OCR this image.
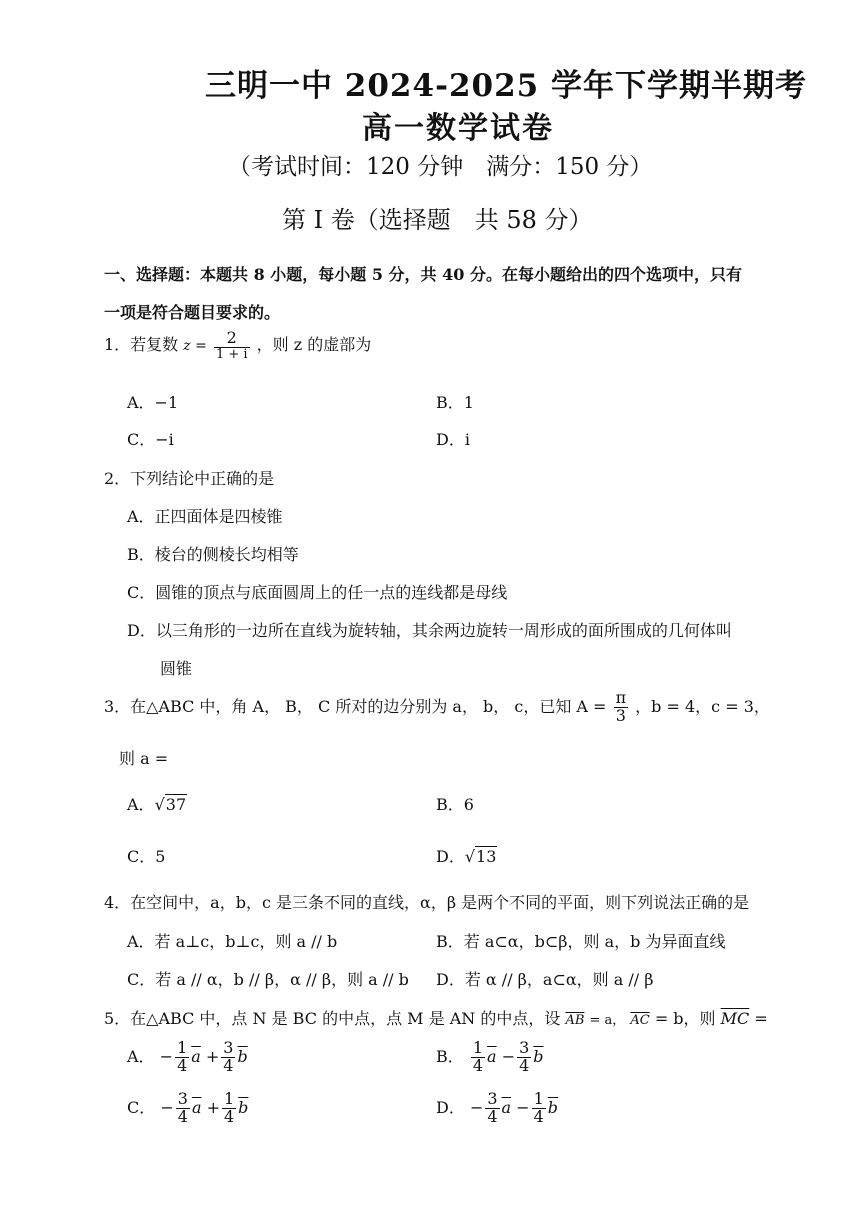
三明一中 2024-2025 学年下学期半期考
高一数学试卷
（考试时间：120 分钟　满分：150 分）
第 I 卷（选择题　共 58 分）
一、选择题：本题共 8 小题，每小题 5 分，共 40 分。在每小题给出的四个选项中，只有
一项是符合题目要求的。
1．若复数 $z = \frac{2}{1 + i}$ ，则 z 的虚部为
A．−1	B．1
C．−i	D．i
2．下列结论中正确的是
A．正四面体是四棱锥
B．棱台的侧棱长均相等
C．圆锥的顶点与底面圆周上的任一点的连线都是母线
D．以三角形的一边所在直线为旋转轴，其余两边旋转一周形成的面所围成的几何体叫
圆锥
3．在△ABC 中，角 A， B， C 所对的边分别为 a， b， c，已知 $A = \frac{\pi}{3}$ ，b = 4，c = 3，
则 a =
A．√37	B．6
C．5	D．√13
4．在空间中，a，b，c 是三条不同的直线，α，β 是两个不同的平面，则下列说法正确的是
A．若 a⊥c，b⊥c，则 a // b	B．若 a⊂α，b⊂β，则 a，b 为异面直线
C．若 a // α，b // β，α // β，则 a // b D．若 α // β，a⊂α，则 a // β
5．在△ABC 中，点 N 是 BC 的中点，点 M 是 AN 的中点，设 $\overline{AB} = a$， $\overline{AC} = b$，则 $\overline{MC}$ =
A． − $\frac{1}{4} \overline{a} + \frac{3}{4} \overline{b}$	B． $\frac{1}{4} \overline{a} - \frac{3}{4} \overline{b}$
C． − $\frac{3}{4} \overline{a} + \frac{1}{4} \overline{b}$	D． − $\frac{3}{4} \overline{a} - \frac{1}{4} \overline{b}$
